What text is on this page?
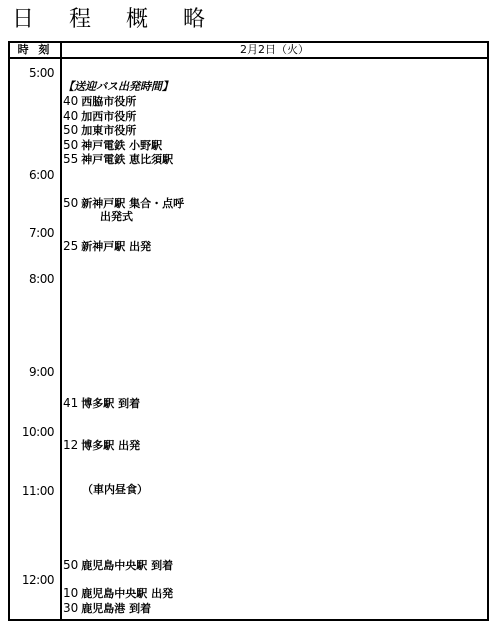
日 程 概 略
時 刻	2月2日（火）
5:00
6:00
7:00
8:00
9:00
10:00
11:00
12:00
【送迎バス出発時間】
40 西脇市役所
40 加西市役所
50 加東市役所
50 神戸電鉄 小野駅
55 神戸電鉄 恵比須駅
50 新神戸駅 集合・点呼
出発式
25 新神戸駅 出発
41 博多駅 到着
12 博多駅 出発
（車内昼食）
50 鹿児島中央駅 到着
10 鹿児島中央駅 出発
30 鹿児島港 到着
